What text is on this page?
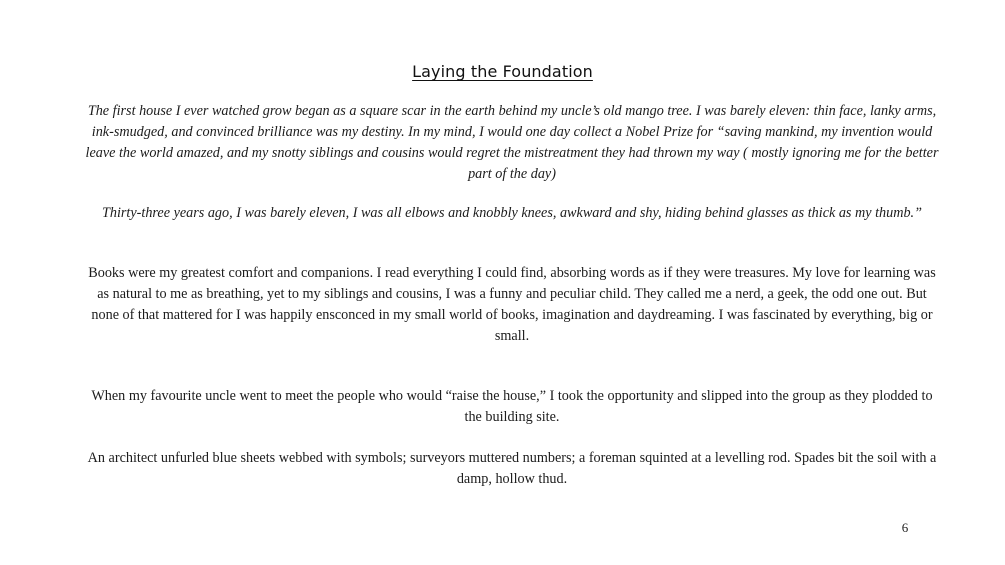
Laying the Foundation

The first house I ever watched grow began as a square scar in the earth behind my uncle’s old mango tree. I was barely eleven: thin face, lanky arms, ink-smudged, and convinced brilliance was my destiny. In my mind, I would one day collect a Nobel Prize for “saving mankind, my invention would leave the world amazed, and my snotty siblings and cousins would regret the mistreatment they had thrown my way ( mostly ignoring me for the better part of the day)

Thirty-three years ago, I was barely eleven, I was all elbows and knobbly knees, awkward and shy, hiding behind glasses as thick as my thumb.”

Books were my greatest comfort and companions. I read everything I could find, absorbing words as if they were treasures. My love for learning was as natural to me as breathing, yet to my siblings and cousins, I was a funny and peculiar child. They called me a nerd, a geek, the odd one out. But none of that mattered for I was happily ensconced in my small world of books, imagination and daydreaming. I was fascinated by everything, big or small.

When my favourite uncle went to meet the people who would “raise the house,” I took the opportunity and slipped into the group as they plodded to the building site.

An architect unfurled blue sheets webbed with symbols; surveyors muttered numbers; a foreman squinted at a levelling rod. Spades bit the soil with a damp, hollow thud.

6
